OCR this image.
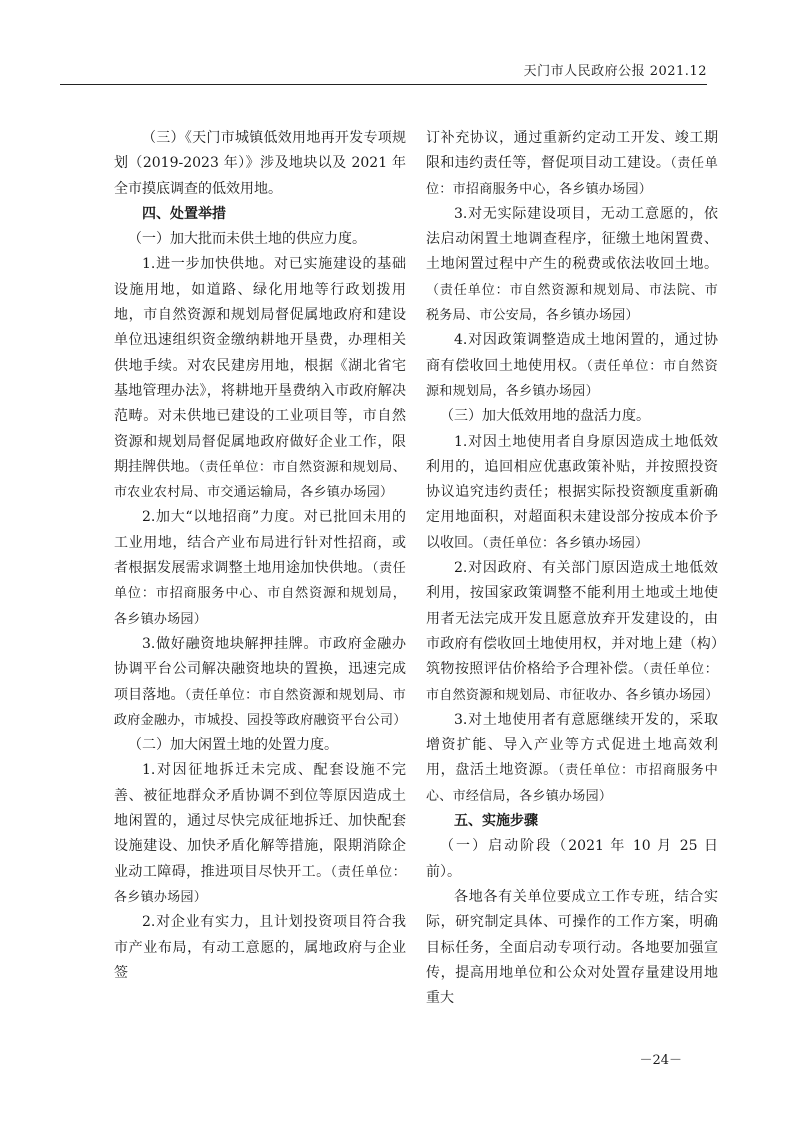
天门市人民政府公报 2021.12

（三）《天门市城镇低效用地再开发专项规划（2019-2023 年）》涉及地块以及 2021 年全市摸底调查的低效用地。

四、处置举措

（一）加大批而未供土地的供应力度。

1.进一步加快供地。对已实施建设的基础设施用地，如道路、绿化用地等行政划拨用地，市自然资源和规划局督促属地政府和建设单位迅速组织资金缴纳耕地开垦费，办理相关供地手续。对农民建房用地，根据《湖北省宅基地管理办法》，将耕地开垦费纳入市政府解决范畴。对未供地已建设的工业项目等，市自然资源和规划局督促属地政府做好企业工作，限期挂牌供地。（责任单位：市自然资源和规划局、市农业农村局、市交通运输局，各乡镇办场园）

2.加大“以地招商”力度。对已批回未用的工业用地，结合产业布局进行针对性招商，或者根据发展需求调整土地用途加快供地。（责任单位：市招商服务中心、市自然资源和规划局，各乡镇办场园）

3.做好融资地块解押挂牌。市政府金融办协调平台公司解决融资地块的置换，迅速完成项目落地。（责任单位：市自然资源和规划局、市政府金融办，市城投、园投等政府融资平台公司）

（二）加大闲置土地的处置力度。

1.对因征地拆迁未完成、配套设施不完善、被征地群众矛盾协调不到位等原因造成土地闲置的，通过尽快完成征地拆迁、加快配套设施建设、加快矛盾化解等措施，限期消除企业动工障碍，推进项目尽快开工。（责任单位：各乡镇办场园）

2.对企业有实力，且计划投资项目符合我市产业布局，有动工意愿的，属地政府与企业签

订补充协议，通过重新约定动工开发、竣工期限和违约责任等，督促项目动工建设。（责任单位：市招商服务中心，各乡镇办场园）

3.对无实际建设项目，无动工意愿的，依法启动闲置土地调查程序，征缴土地闲置费、土地闲置过程中产生的税费或依法收回土地。（责任单位：市自然资源和规划局、市法院、市税务局、市公安局，各乡镇办场园）

4.对因政策调整造成土地闲置的，通过协商有偿收回土地使用权。（责任单位：市自然资源和规划局，各乡镇办场园）

（三）加大低效用地的盘活力度。

1.对因土地使用者自身原因造成土地低效利用的，追回相应优惠政策补贴，并按照投资协议追究违约责任；根据实际投资额度重新确定用地面积，对超面积未建设部分按成本价予以收回。（责任单位：各乡镇办场园）

2.对因政府、有关部门原因造成土地低效利用，按国家政策调整不能利用土地或土地使用者无法完成开发且愿意放弃开发建设的，由市政府有偿收回土地使用权，并对地上建（构）筑物按照评估价格给予合理补偿。（责任单位：市自然资源和规划局、市征收办、各乡镇办场园）

3.对土地使用者有意愿继续开发的，采取增资扩能、导入产业等方式促进土地高效利用，盘活土地资源。（责任单位：市招商服务中心、市经信局，各乡镇办场园）

五、实施步骤

（一）启动阶段（2021 年 10 月 25 日前）。

各地各有关单位要成立工作专班，结合实际，研究制定具体、可操作的工作方案，明确目标任务，全面启动专项行动。各地要加强宣传，提高用地单位和公众对处置存量建设用地重大

－24－
